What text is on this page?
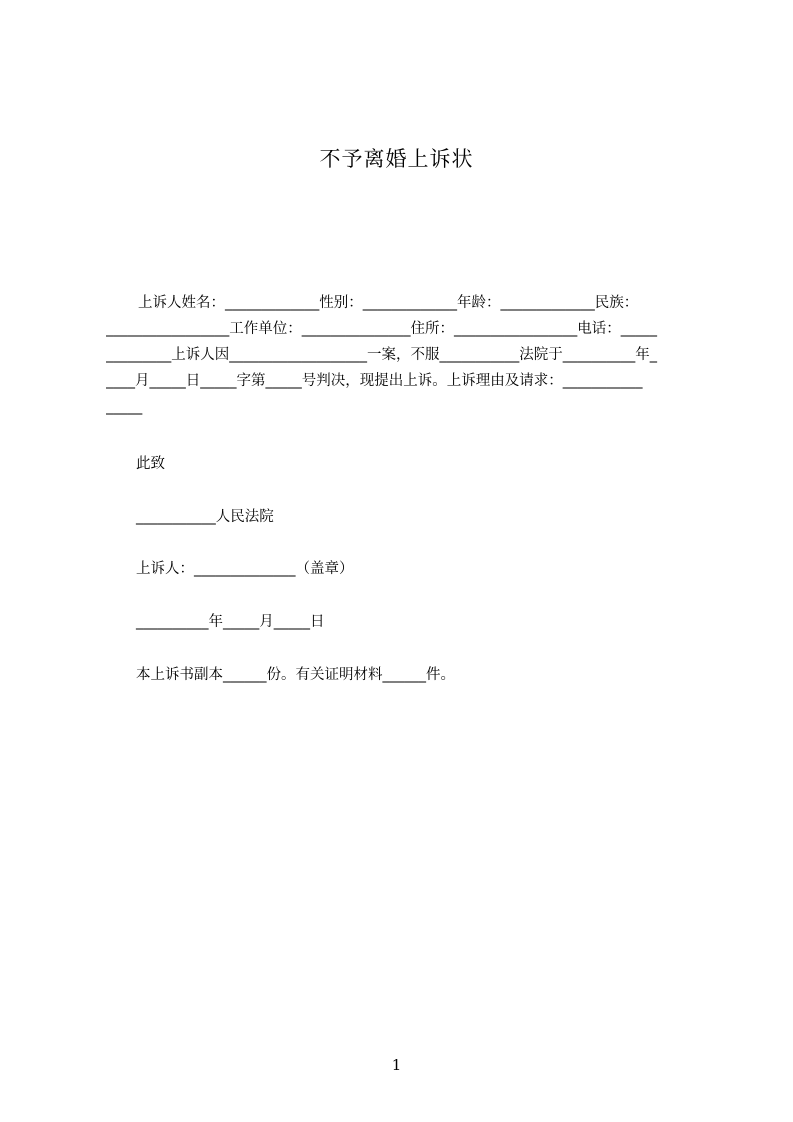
不予离婚上诉状
上诉人姓名：_____________性别：_____________年龄：_____________民族：
_________________工作单位：_______________住所：_________________电话：_____
_________上诉人因___________________一案，不服___________法院于__________年_
____月_____日_____字第_____号判决，现提出上诉。上诉理由及请求：___________
_____
此致
___________人民法院
上诉人：______________（盖章）
__________年_____月_____日
本上诉书副本______份。有关证明材料______件。
1
